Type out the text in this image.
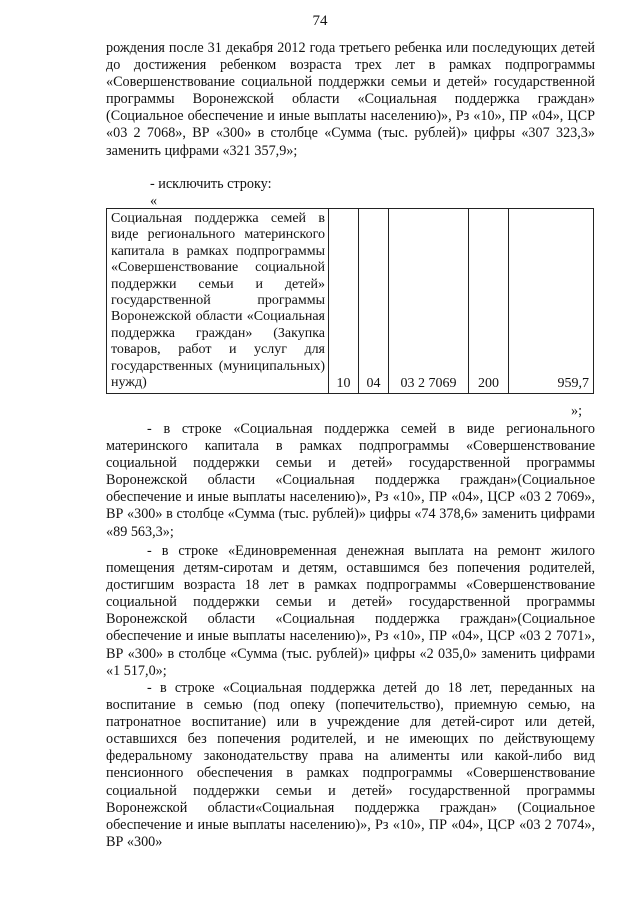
74

рождения после 31 декабря 2012 года третьего ребенка или последующих детей до достижения ребенком возраста трех лет в рамках подпрограммы «Совершенствование социальной поддержки семьи и детей» государственной программы Воронежской области «Социальная поддержка граждан» (Социальное обеспечение и иные выплаты населению)», Рз «10», ПР «04», ЦСР «03 2 7068», ВР «300» в столбце «Сумма (тыс. рублей)» цифры «307 323,3» заменить цифрами «321 357,9»;

- исключить строку:

«
Социальная поддержка семей в виде регионального материнского капитала в рамках подпрограммы «Совершенствование социальной поддержки семьи и детей» государственной программы Воронежской области «Социальная поддержка граждан» (Закупка товаров, работ и услуг для государственных (муниципальных) нужд)	10	04	03 2 7069	200	959,7
»;

- в строке «Социальная поддержка семей в виде регионального материнского капитала в рамках подпрограммы «Совершенствование социальной поддержки семьи и детей» государственной программы Воронежской области «Социальная поддержка граждан»(Социальное обеспечение и иные выплаты населению)», Рз «10», ПР «04», ЦСР «03 2 7069», ВР «300» в столбце «Сумма (тыс. рублей)» цифры «74 378,6» заменить цифрами «89 563,3»;

- в строке «Единовременная денежная выплата на ремонт жилого помещения детям-сиротам и детям, оставшимся без попечения родителей, достигшим возраста 18 лет в рамках подпрограммы «Совершенствование социальной поддержки семьи и детей» государственной программы Воронежской области «Социальная поддержка граждан»(Социальное обеспечение и иные выплаты населению)», Рз «10», ПР «04», ЦСР «03 2 7071», ВР «300» в столбце «Сумма (тыс. рублей)» цифры «2 035,0» заменить цифрами «1 517,0»;

- в строке «Социальная поддержка детей до 18 лет, переданных на воспитание в семью (под опеку (попечительство), приемную семью, на патронатное воспитание) или в учреждение для детей-сирот или детей, оставшихся без попечения родителей, и не имеющих по действующему федеральному законодательству права на алименты или какой-либо вид пенсионного обеспечения в рамках подпрограммы «Совершенствование социальной поддержки семьи и детей» государственной программы Воронежской области«Социальная поддержка граждан» (Социальное обеспечение и иные выплаты населению)», Рз «10», ПР «04», ЦСР «03 2 7074», ВР «300»
